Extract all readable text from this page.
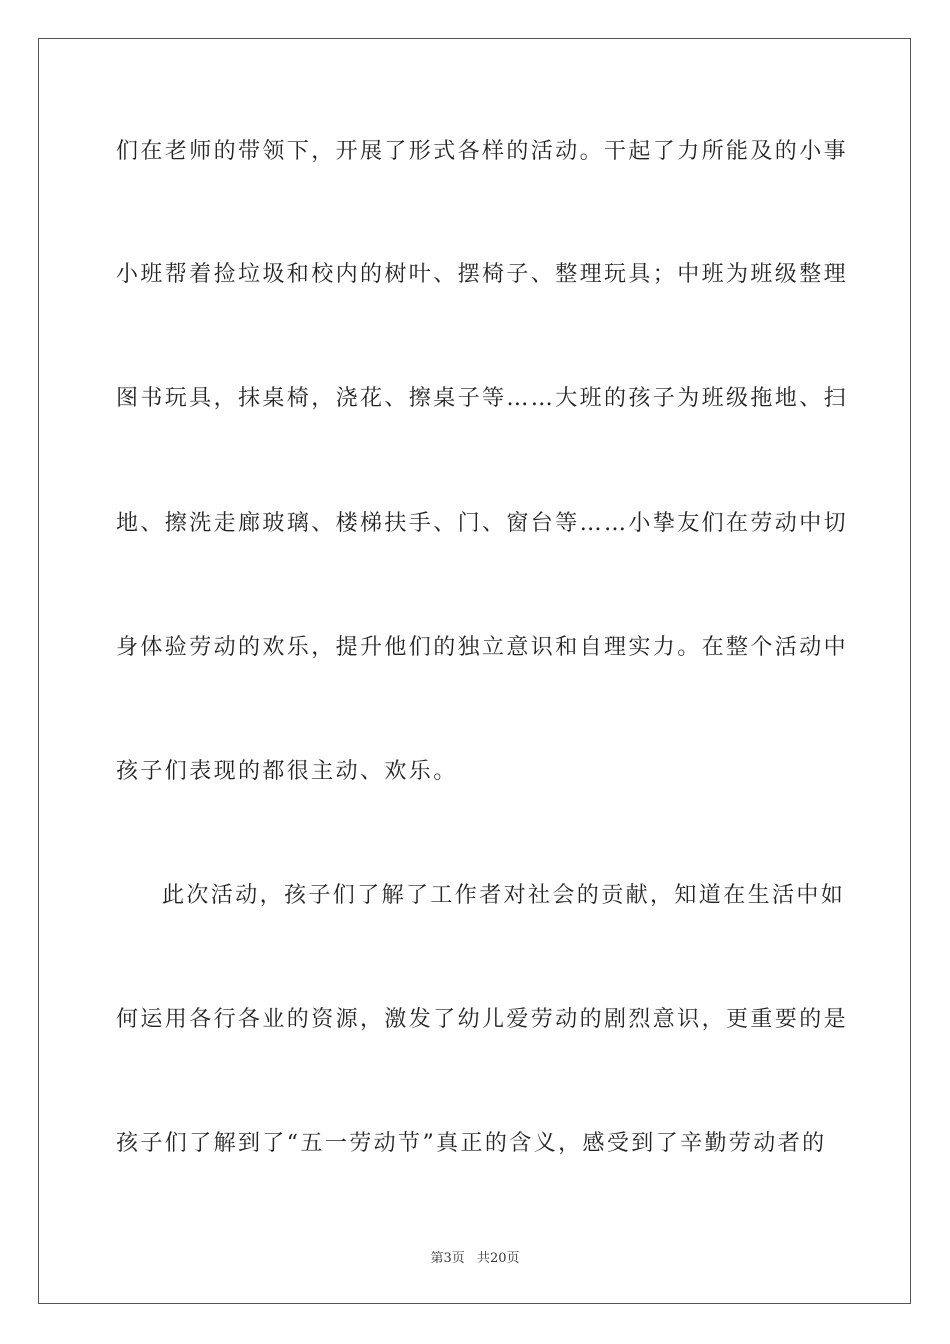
们在老师的带领下，开展了形式各样的活动。干起了力所能及的小事
小班帮着捡垃圾和校内的树叶、摆椅子、整理玩具；中班为班级整理
图书玩具，抹桌椅，浇花、擦桌子等……大班的孩子为班级拖地、扫
地、擦洗走廊玻璃、楼梯扶手、门、窗台等……小挚友们在劳动中切
身体验劳动的欢乐，提升他们的独立意识和自理实力。在整个活动中
孩子们表现的都很主动、欢乐。
此次活动，孩子们了解了工作者对社会的贡献，知道在生活中如
何运用各行各业的资源，激发了幼儿爱劳动的剧烈意识，更重要的是
孩子们了解到了“五一劳动节”真正的含义，感受到了辛勤劳动者的
第3页 共20页
